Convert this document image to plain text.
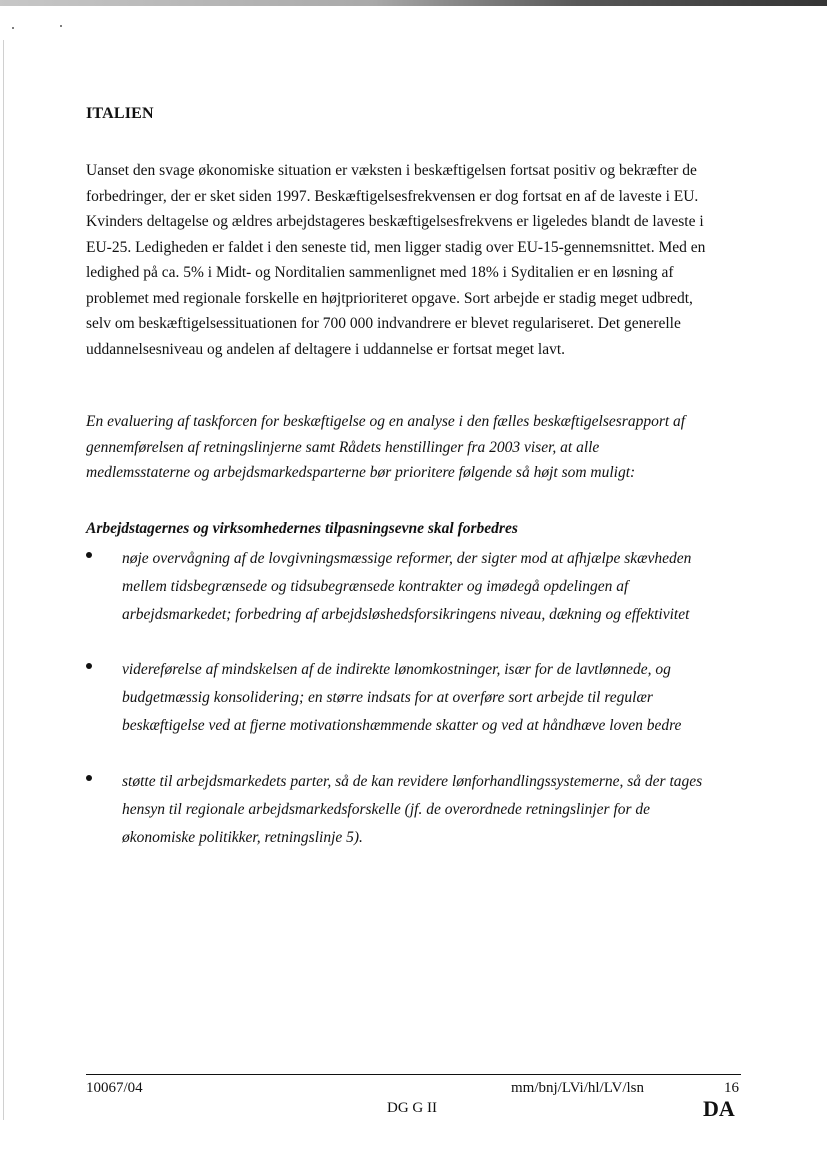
ITALIEN
Uanset den svage økonomiske situation er væksten i beskæftigelsen fortsat positiv og bekræfter de
forbedringer, der er sket siden 1997. Beskæftigelsesfrekvensen er dog fortsat en af de laveste i EU.
Kvinders deltagelse og ældres arbejdstageres beskæftigelsesfrekvens er ligeledes blandt de laveste i
EU-25. Ledigheden er faldet i den seneste tid, men ligger stadig over EU-15-gennemsnittet. Med en
ledighed på ca. 5% i Midt- og Norditalien sammenlignet med 18% i Syditalien er en løsning af
problemet med regionale forskelle en højtprioriteret opgave. Sort arbejde er stadig meget udbredt,
selv om beskæftigelsessituationen for 700 000 indvandrere er blevet regulariseret. Det generelle
uddannelsesniveau og andelen af deltagere i uddannelse er fortsat meget lavt.
En evaluering af taskforcen for beskæftigelse og en analyse i den fælles beskæftigelsesrapport af
gennemførelsen af retningslinjerne samt Rådets henstillinger fra 2003 viser, at alle
medlemsstaterne og arbejdsmarkedsparterne bør prioritere følgende så højt som muligt:
Arbejdstagernes og virksomhedernes tilpasningsevne skal forbedres
nøje overvågning af de lovgivningsmæssige reformer, der sigter mod at afhjælpe skævheden
mellem tidsbegrænsede og tidsubegrænsede kontrakter og imødegå opdelingen af
arbejdsmarkedet; forbedring af arbejdsløshedsforsikringens niveau, dækning og effektivitet
videreførelse af mindskelsen af de indirekte lønomkostninger, især for de lavtlønnede, og
budgetmæssig konsolidering; en større indsats for at overføre sort arbejde til regulær
beskæftigelse ved at fjerne motivationshæmmende skatter og ved at håndhæve loven bedre
støtte til arbejdsmarkedets parter, så de kan revidere lønforhandlingssystemerne, så der tages
hensyn til regionale arbejdsmarkedsforskelle (jf. de overordnede retningslinjer for de
økonomiske politikker, retningslinje 5).
10067/04	mm/bnj/LVi/hl/LV/lsn	16
DG G II	DA
